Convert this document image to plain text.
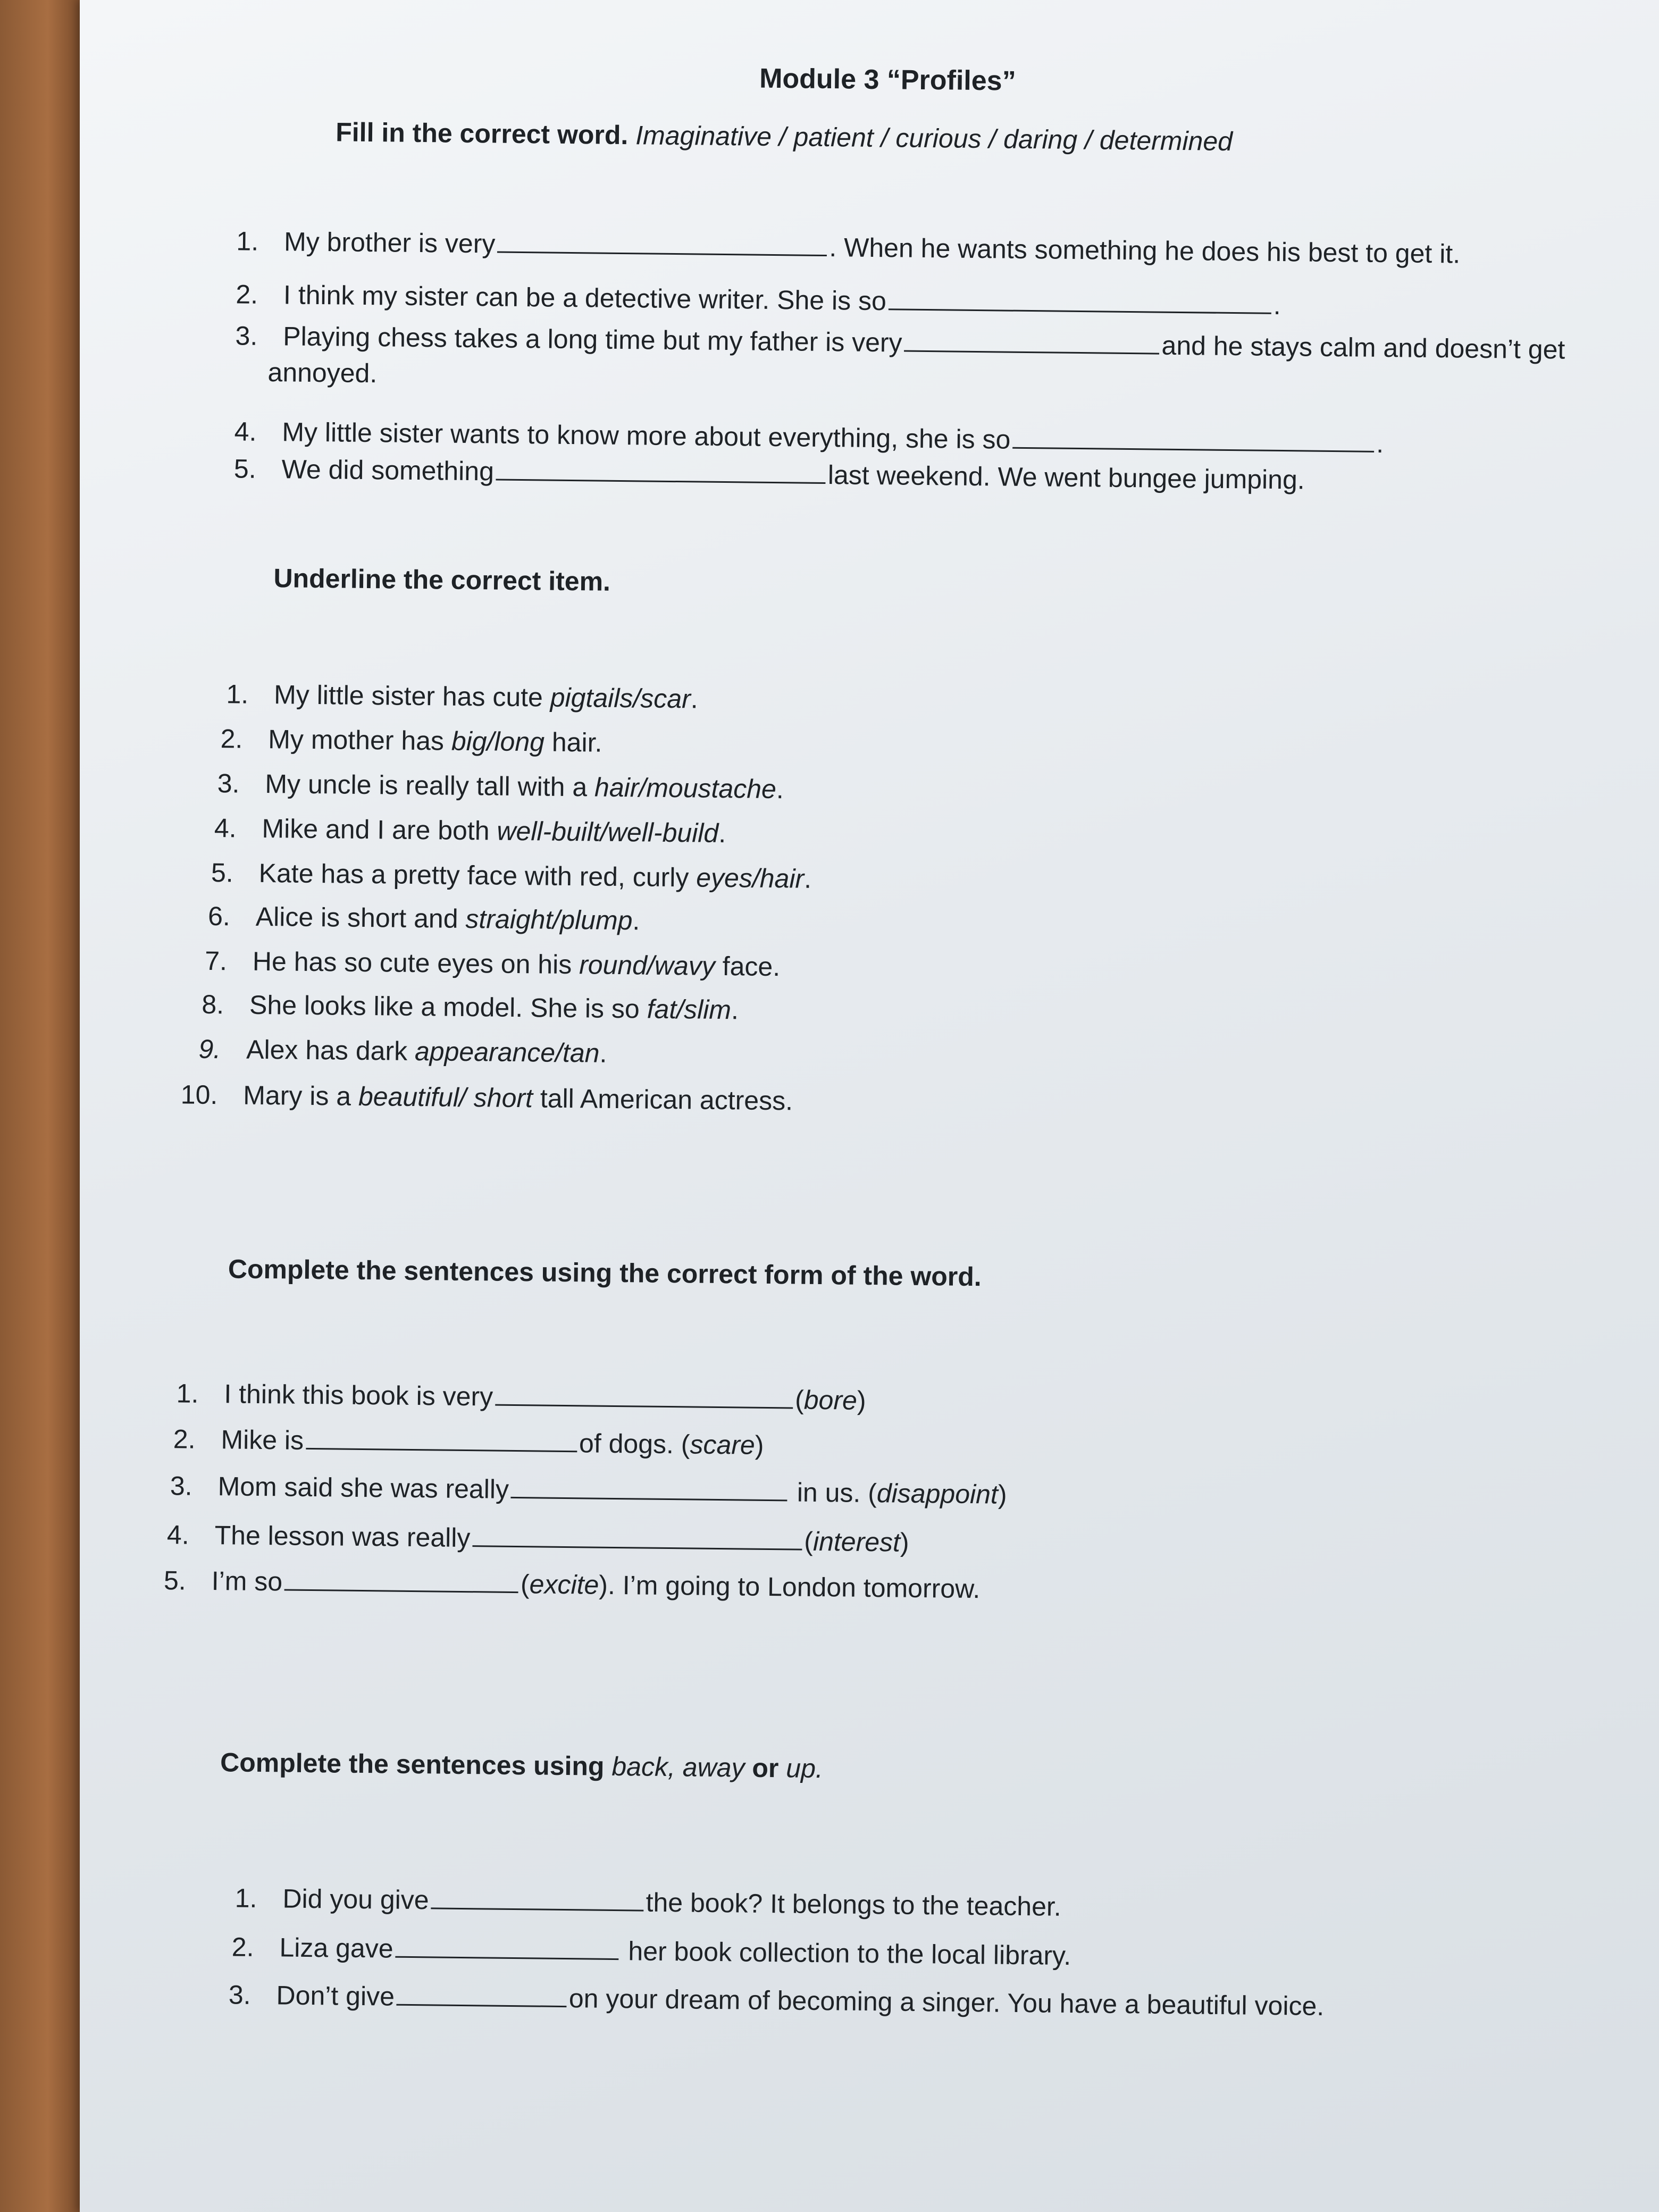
Module 3 “Profiles”
Fill in the correct word. Imaginative / patient / curious / daring / determined
1. My brother is very	. When he wants something he does his best to get it.
2. I think my sister can be a detective writer. She is so	.
3. Playing chess takes a long time but my father is very	and he stays calm and doesn’t get
annoyed.
4. My little sister wants to know more about everything, she is so	.
5. We did something	last weekend. We went bungee jumping.
Underline the correct item.
1. My little sister has cute pigtails/scar .
2. My mother has big/long hair.
3. My uncle is really tall with a hair/moustache .
4. Mike and I are both well-built/well-build .
5. Kate has a pretty face with red, curly eyes/hair .
6. Alice is short and straight/plump .
7. He has so cute eyes on his round/wavy face.
8. She looks like a model. She is so fat/slim .
9. Alex has dark appearance/tan .
10. Mary is a beautiful/ short tall American actress.
Complete the sentences using the correct form of the word.
1. I think this book is very	( bore )
2. Mike is	of dogs. ( scare )
3. Mom said she was really	in us. ( disappoint )
4. The lesson was really	( interest )
5. I’m so	( excite ). I’m going to London tomorrow.
Complete the sentences using back, away or up.
1. Did you give	the book? It belongs to the teacher.
2. Liza gave	her book collection to the local library.
3. Don’t give	on your dream of becoming a singer. You have a beautiful voice.
